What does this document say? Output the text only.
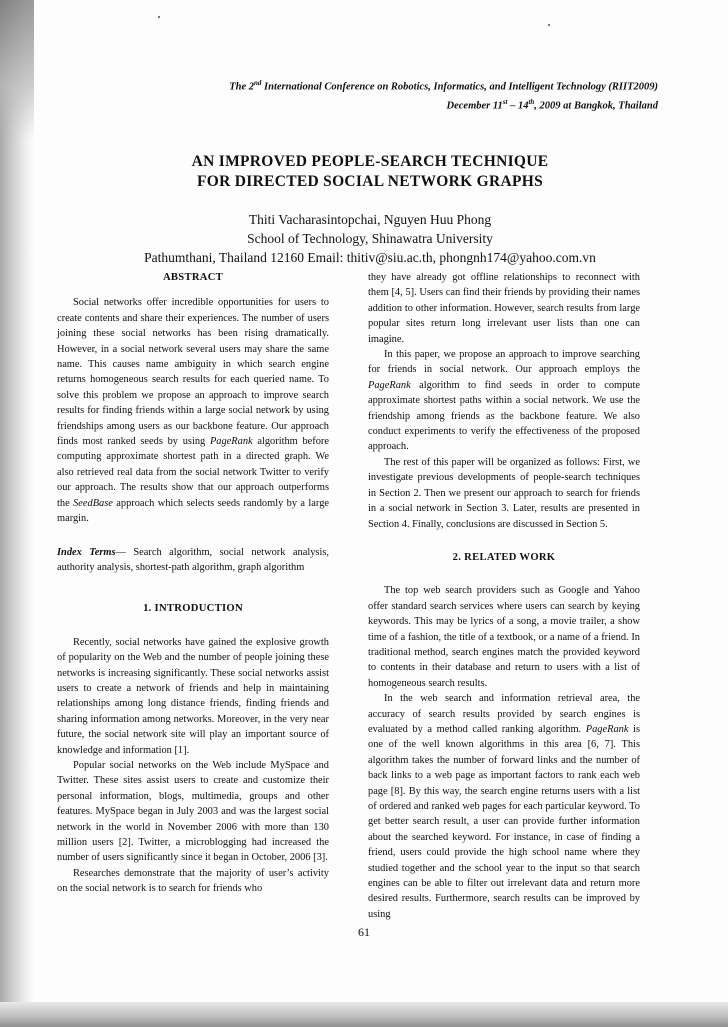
The 2nd International Conference on Robotics, Informatics, and Intelligent Technology (RIIT2009)
December 11st – 14th, 2009 at Bangkok, Thailand
AN IMPROVED PEOPLE-SEARCH TECHNIQUE
FOR DIRECTED SOCIAL NETWORK GRAPHS
Thiti Vacharasintopchai, Nguyen Huu Phong
School of Technology, Shinawatra University
Pathumthani, Thailand 12160 Email: thitiv@siu.ac.th, phongnh174@yahoo.com.vn

ABSTRACT

Social networks offer incredible opportunities for users to create contents and share their experiences. The number of users joining these social networks has been rising dramatically. However, in a social network several users may share the same name. This causes name ambiguity in which search engine returns homogeneous search results for each queried name. To solve this problem we propose an approach to improve search results for finding friends within a large social network by using friendships among users as our backbone feature. Our approach finds most ranked seeds by using PageRank algorithm before computing approximate shortest path in a directed graph. We also retrieved real data from the social network Twitter to verify our approach. The results show that our approach outperforms the SeedBase approach which selects seeds randomly by a large margin.

Index Terms— Search algorithm, social network analysis, authority analysis, shortest-path algorithm, graph algorithm

1. INTRODUCTION

Recently, social networks have gained the explosive growth of popularity on the Web and the number of people joining these networks is increasing significantly. These social networks assist users to create a network of friends and help in maintaining relationships among long distance friends, finding friends and sharing information among networks. Moreover, in the very near future, the social network site will play an important source of knowledge and information [1].

Popular social networks on the Web include MySpace and Twitter. These sites assist users to create and customize their personal information, blogs, multimedia, groups and other features. MySpace began in July 2003 and was the largest social network in the world in November 2006 with more than 130 million users [2]. Twitter, a microblogging had increased the number of users significantly since it began in October, 2006 [3].

Researches demonstrate that the majority of user’s activity on the social network is to search for friends who

they have already got offline relationships to reconnect with them [4, 5]. Users can find their friends by providing their names addition to other information. However, search results from large popular sites return long irrelevant user lists than one can imagine.

In this paper, we propose an approach to improve searching for friends in social network. Our approach employs the PageRank algorithm to find seeds in order to compute approximate shortest paths within a social network. We use the friendship among friends as the backbone feature. We also conduct experiments to verify the effectiveness of the proposed approach.

The rest of this paper will be organized as follows: First, we investigate previous developments of people-search techniques in Section 2. Then we present our approach to search for friends in a social network in Section 3. Later, results are presented in Section 4. Finally, conclusions are discussed in Section 5.

2. RELATED WORK

The top web search providers such as Google and Yahoo offer standard search services where users can search by keying keywords. This may be lyrics of a song, a movie trailer, a show time of a fashion, the title of a textbook, or a name of a friend. In traditional method, search engines match the provided keyword to contents in their database and return to users with a list of homogeneous search results.

In the web search and information retrieval area, the accuracy of search results provided by search engines is evaluated by a method called ranking algorithm. PageRank is one of the well known algorithms in this area [6, 7]. This algorithm takes the number of forward links and the number of back links to a web page as important factors to rank each web page [8]. By this way, the search engine returns users with a list of ordered and ranked web pages for each particular keyword. To get better search result, a user can provide further information about the searched keyword. For instance, in case of finding a friend, users could provide the high school name where they studied together and the school year to the input so that search engines can be able to filter out irrelevant data and return more desired results. Furthermore, search results can be improved by using

61
